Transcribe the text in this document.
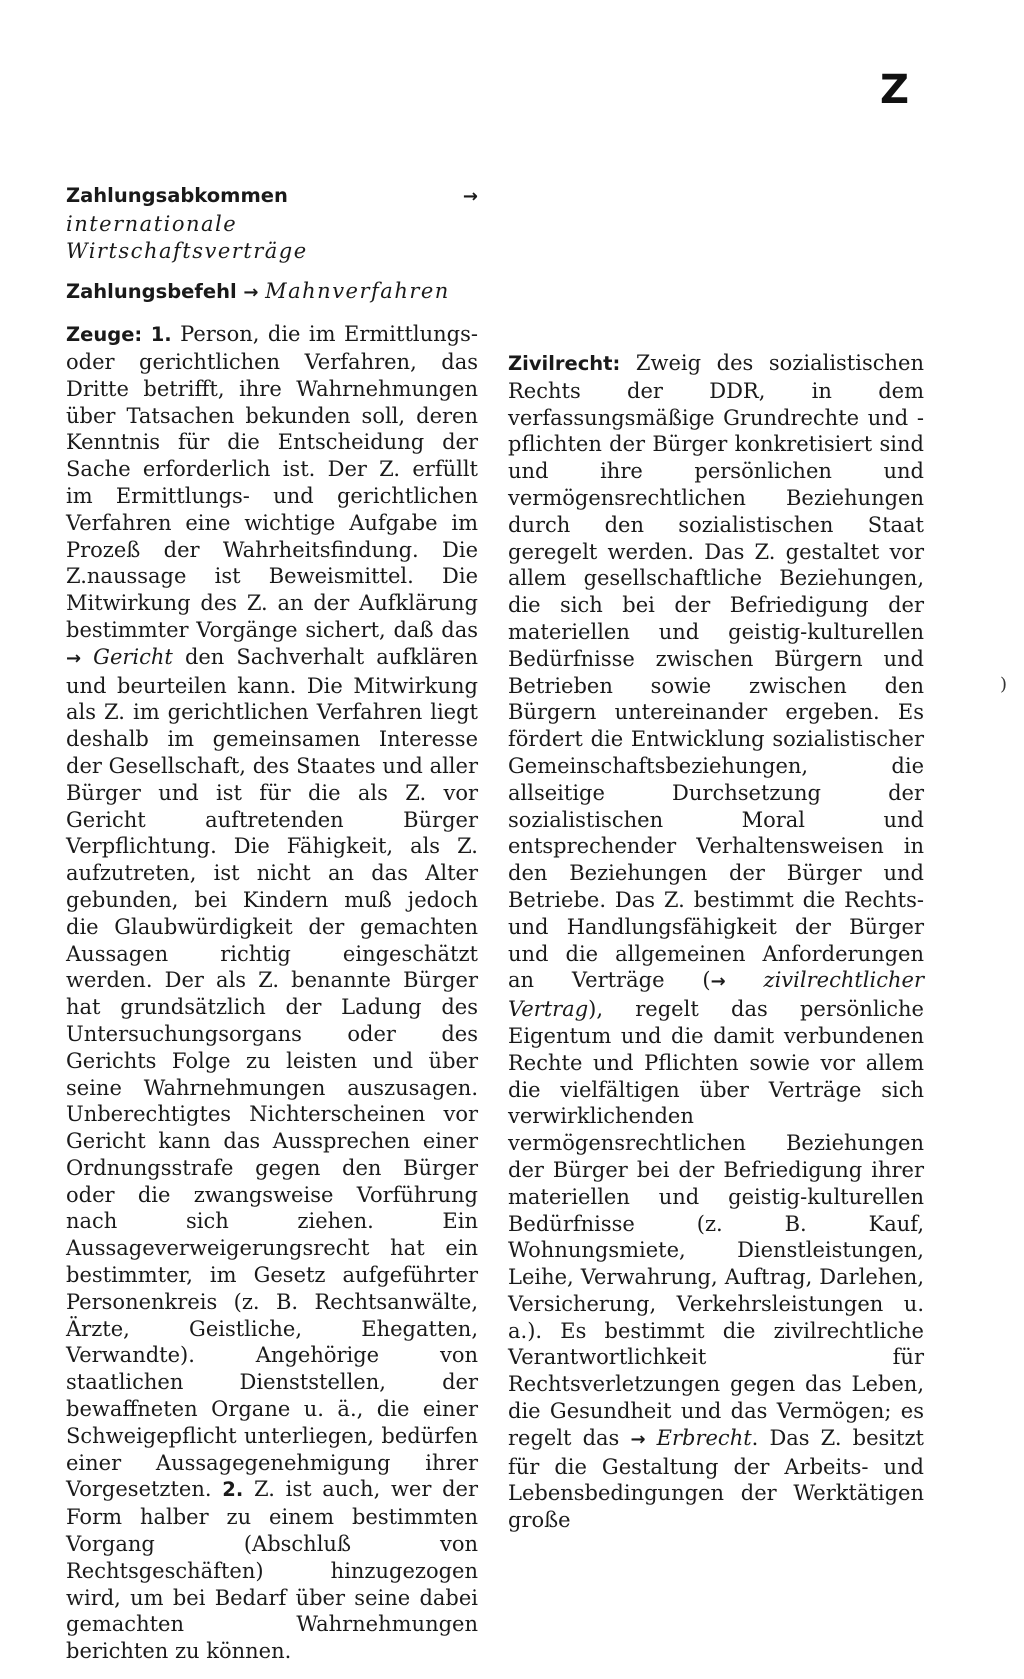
Z
)

Zahlungsabkommen	→ internationale Wirtschaftsverträge

Zahlungsbefehl → Mahnverfahren

Zeuge: 1. Person, die im Ermittlungs- oder gerichtlichen Verfahren, das Dritte betrifft, ihre Wahrnehmungen über Tatsachen bekunden soll, deren Kenntnis für die Entscheidung der Sache erforderlich ist. Der Z. erfüllt im Ermittlungs- und gerichtlichen Verfahren eine wichtige Aufgabe im Prozeß der Wahrheitsfindung. Die Z.naussage ist Beweismittel. Die Mitwirkung des Z. an der Aufklärung bestimmter Vorgänge sichert, daß das → Gericht den Sachverhalt aufklären und beurteilen kann. Die Mitwirkung als Z. im gerichtlichen Verfahren liegt deshalb im gemeinsamen Interesse der Gesellschaft, des Staates und aller Bürger und ist für die als Z. vor Gericht auftretenden Bürger Verpflichtung. Die Fähigkeit, als Z. aufzutreten, ist nicht an das Alter gebunden, bei Kindern muß jedoch die Glaubwürdigkeit der gemachten Aussagen richtig eingeschätzt werden. Der als Z. benannte Bürger hat grundsätzlich der Ladung des Untersuchungsorgans oder des Gerichts Folge zu leisten und über seine Wahrnehmungen auszusagen. Unberechtigtes Nichterscheinen vor Gericht kann das Aussprechen einer Ordnungsstrafe gegen den Bürger oder die zwangsweise Vorführung nach sich ziehen. Ein Aussageverweigerungsrecht hat ein bestimmter, im Gesetz aufgeführter Personenkreis (z. B. Rechtsanwälte, Ärzte, Geistliche, Ehegatten, Verwandte). Angehörige von staatlichen Dienststellen, der bewaffneten Organe u. ä., die einer Schweigepflicht unterliegen, bedürfen einer Aussagegenehmigung ihrer Vorgesetzten. 2. Z. ist auch, wer der Form halber zu einem bestimmten Vorgang (Abschluß von Rechtsgeschäften) hinzugezogen wird, um bei Bedarf über seine dabei gemachten Wahrnehmungen berichten zu können.

Zivilrecht: Zweig des sozialistischen Rechts der DDR, in dem verfassungsmäßige Grundrechte und -pflichten der Bürger konkretisiert sind und ihre persönlichen und vermögensrechtlichen Beziehungen durch den sozialistischen Staat geregelt werden. Das Z. gestaltet vor allem gesellschaftliche Beziehungen, die sich bei der Befriedigung der materiellen und geistig-kulturellen Bedürfnisse zwischen Bürgern und Betrieben sowie zwischen den Bürgern untereinander ergeben. Es fördert die Entwicklung sozialistischer Gemeinschaftsbeziehungen, die allseitige Durchsetzung der sozialistischen Moral und entsprechender Verhaltensweisen in den Beziehungen der Bürger und Betriebe. Das Z. bestimmt die Rechts- und Handlungsfähigkeit der Bürger und die allgemeinen Anforderungen an Verträge (→ zivilrechtlicher Vertrag), regelt das persönliche Eigentum und die damit verbundenen Rechte und Pflichten sowie vor allem die vielfältigen über Verträge sich verwirklichenden vermögensrechtlichen Beziehungen der Bürger bei der Befriedigung ihrer materiellen und geistig-kulturellen Bedürfnisse (z. B. Kauf, Wohnungsmiete, Dienstleistungen, Leihe, Verwahrung, Auftrag, Darlehen, Versicherung, Verkehrsleistungen u. a.). Es bestimmt die zivilrechtliche Verantwortlichkeit für Rechtsverletzungen gegen das Leben, die Gesundheit und das Vermögen; es regelt das → Erbrecht. Das Z. besitzt für die Gestaltung der Arbeits- und Lebensbedingungen der Werktätigen große
